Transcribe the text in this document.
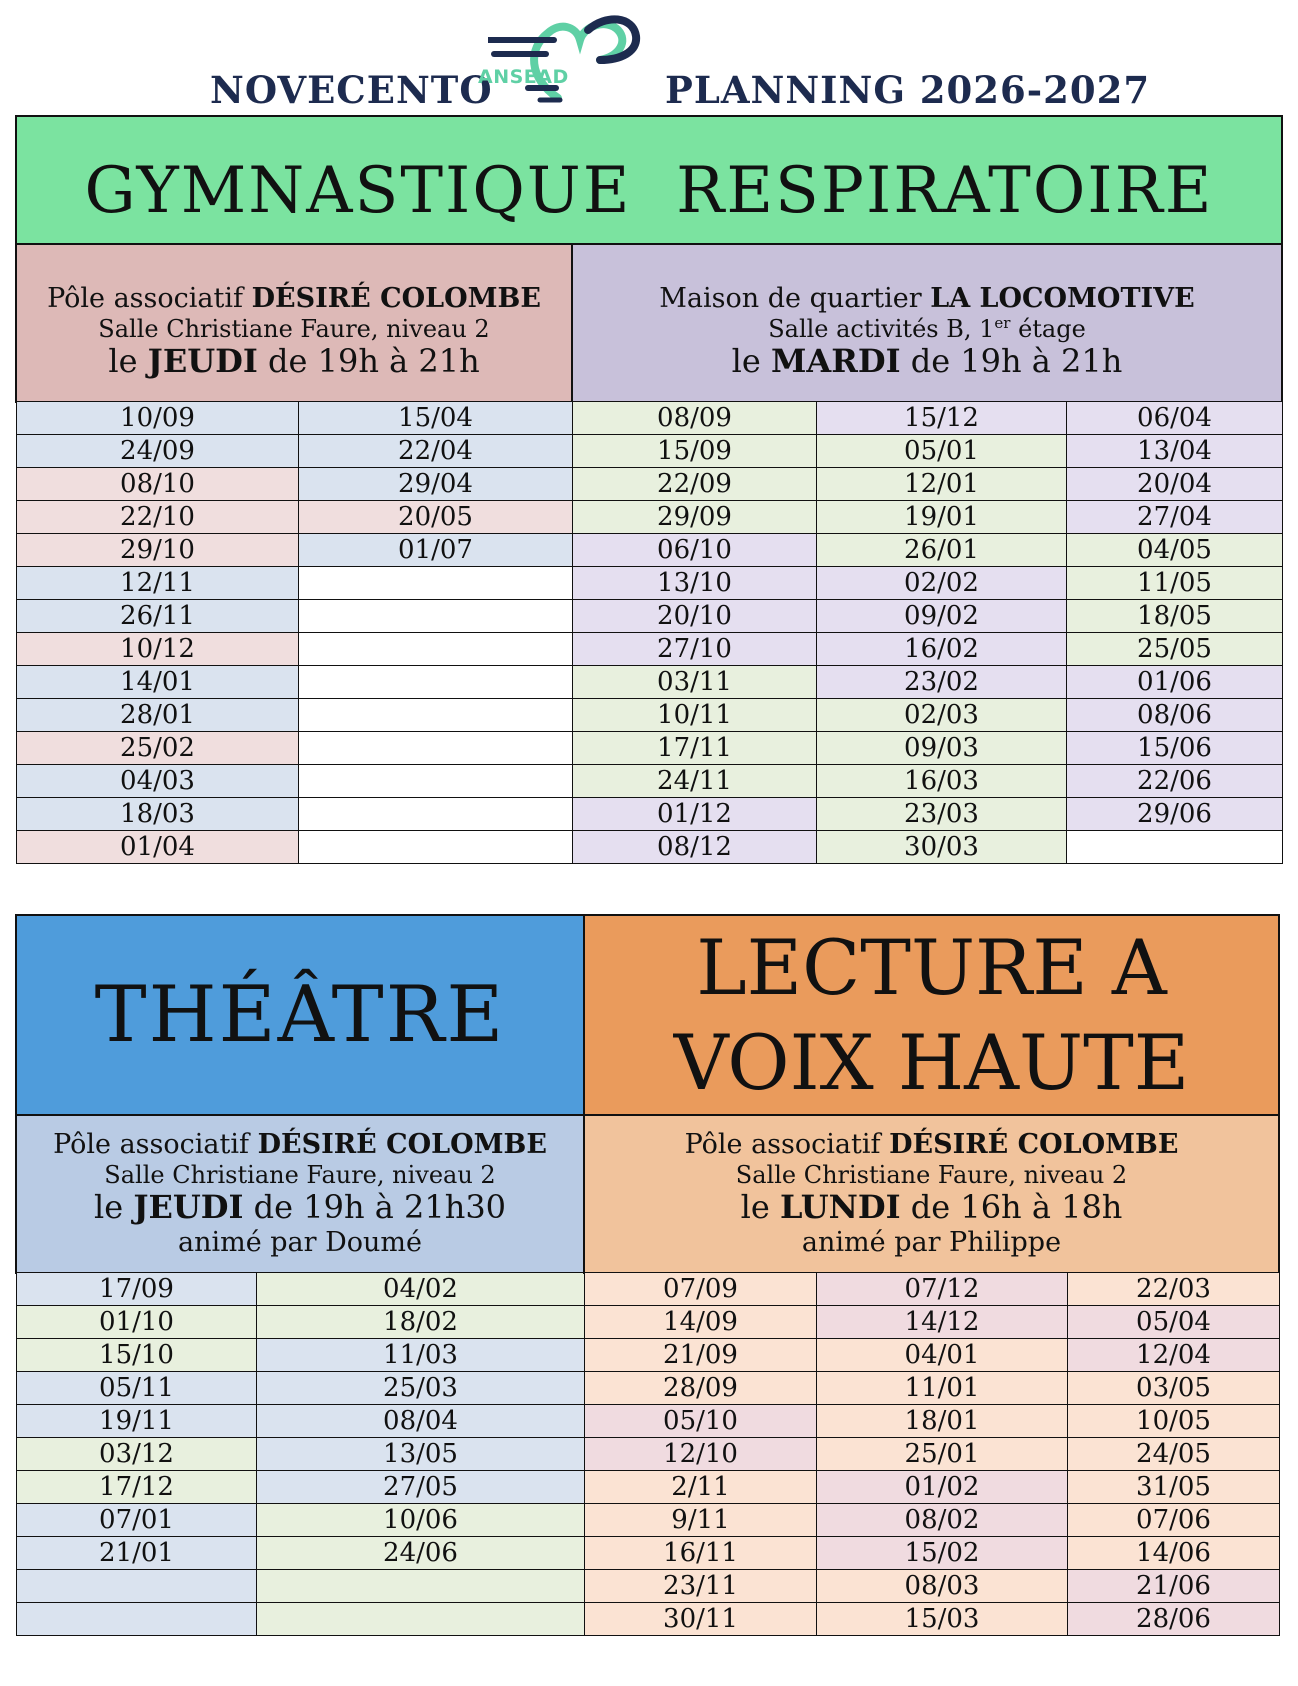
NOVECENTO
ANSEAD	PLANNING 2026-2027
GYMNASTIQUE  RESPIRATOIRE
Pôle associatif DÉSIRÉ COLOMBE
Salle Christiane Faure, niveau 2
le JEUDI de 19h à 21h
Maison de quartier LA LOCOMOTIVE
Salle activités B, 1er étage
le MARDI de 19h à 21h
10/09	15/04
24/09	22/04
08/10	29/04
22/10	20/05
29/10	01/07
12/11	
26/11	
10/12	
14/01	
28/01	
25/02	
04/03	
18/03	
01/04	
08/09	15/12	06/04
15/09	05/01	13/04
22/09	12/01	20/04
29/09	19/01	27/04
06/10	26/01	04/05
13/10	02/02	11/05
20/10	09/02	18/05
27/10	16/02	25/05
03/11	23/02	01/06
10/11	02/03	08/06
17/11	09/03	15/06
24/11	16/03	22/06
01/12	23/03	29/06
08/12	30/03	
THÉÂTRE
Pôle associatif DÉSIRÉ COLOMBE
Salle Christiane Faure, niveau 2
le JEUDI de 19h à 21h30
animé par Doumé
17/09	04/02
01/10	18/02
15/10	11/03
05/11	25/03
19/11	08/04
03/12	13/05
17/12	27/05
07/01	10/06
21/01	24/06

LECTURE A
VOIX HAUTE
Pôle associatif DÉSIRÉ COLOMBE
Salle Christiane Faure, niveau 2
le LUNDI de 16h à 18h
animé par Philippe
07/09	07/12	22/03
14/09	14/12	05/04
21/09	04/01	12/04
28/09	11/01	03/05
05/10	18/01	10/05
12/10	25/01	24/05
2/11	01/02	31/05
9/11	08/02	07/06
16/11	15/02	14/06
23/11	08/03	21/06
30/11	15/03	28/06
